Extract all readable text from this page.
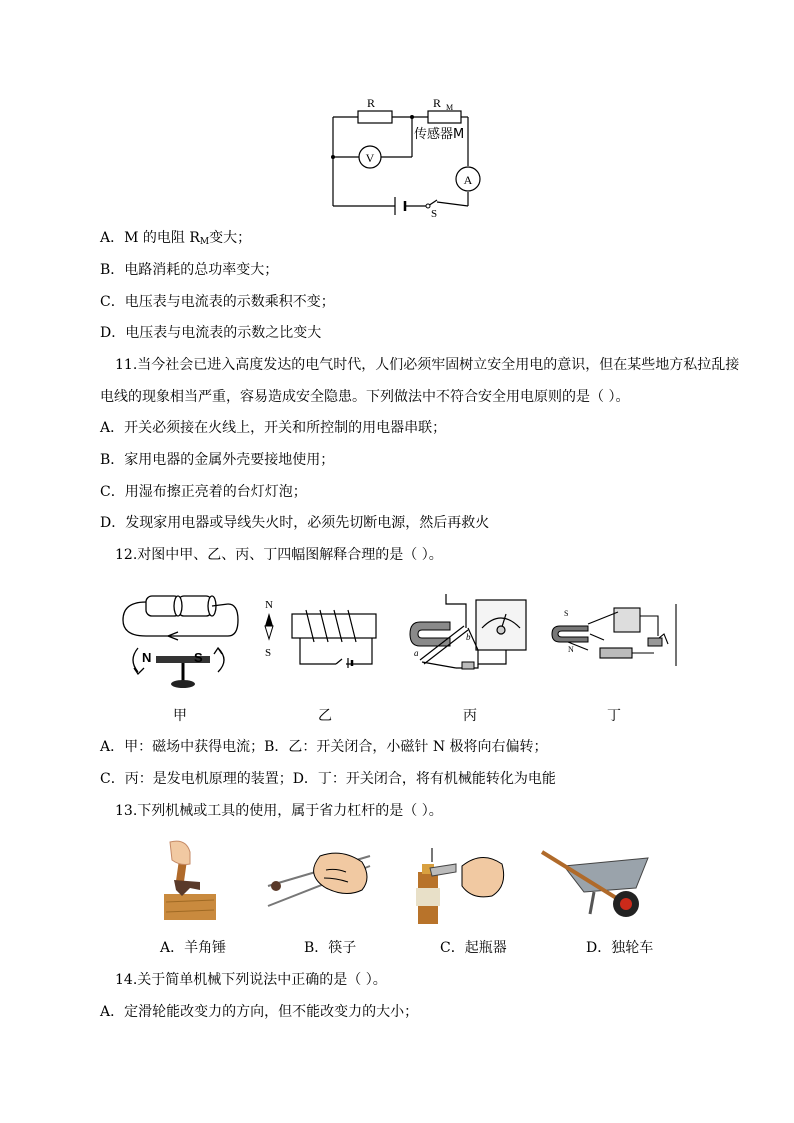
R	R M
传感器M
V
A
S
A．M 的电阻 $R_M$变大；
B．电路消耗的总功率变大；
C．电压表与电流表的示数乘积不变；
D．电压表与电流表的示数之比变大
11.当今社会已进入高度发达的电气时代，人们必须牢固树立安全用电的意识，但在某些地方私拉乱接
电线的现象相当严重，容易造成安全隐患。下列做法中不符合安全用电原则的是（ ）。
A．开关必须接在火线上，开关和所控制的用电器串联；
B．家用电器的金属外壳要接地使用；
C．用湿布擦正亮着的台灯灯泡；
D．发现家用电器或导线失火时，必须先切断电源，然后再救火
12.对图中甲、乙、丙、丁四幅图解释合理的是（ ）。
N	S
N
S	a
b
S
N
甲	乙	丙	丁
A．甲：磁场中获得电流；B．乙：开关闭合，小磁针 N 极将向右偏转；
C．丙：是发电机原理的装置；D．丁：开关闭合，将有机械能转化为电能
13.下列机械或工具的使用，属于省力杠杆的是（ ）。
A．羊角锤	B．筷子	C．起瓶器	D．独轮车
14.关于简单机械下列说法中正确的是（ ）。
A．定滑轮能改变力的方向，但不能改变力的大小；
